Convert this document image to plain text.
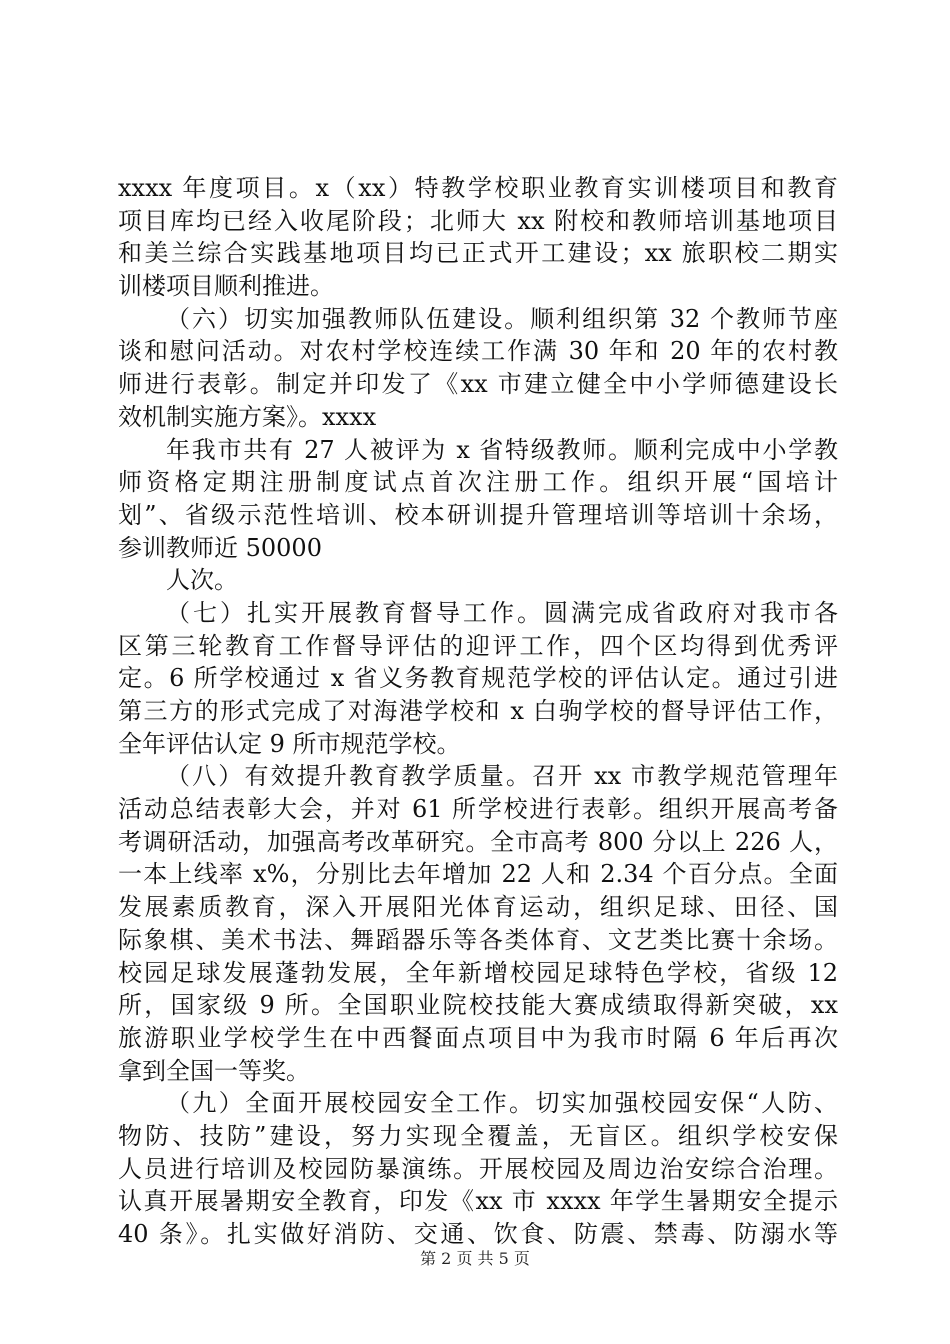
xxxx 年度项目。x（xx）特教学校职业教育实训楼项目和教育
项目库均已经入收尾阶段；北师大 xx 附校和教师培训基地项目
和美兰综合实践基地项目均已正式开工建设；xx 旅职校二期实
训楼项目顺利推进。
（六）切实加强教师队伍建设。顺利组织第 32 个教师节座
谈和慰问活动。对农村学校连续工作满 30 年和 20 年的农村教
师进行表彰。制定并印发了《xx 市建立健全中小学师德建设长
效机制实施方案》。xxxx
年我市共有 27 人被评为 x 省特级教师。顺利完成中小学教
师资格定期注册制度试点首次注册工作。组织开展“国培计
划”、省级示范性培训、校本研训提升管理培训等培训十余场，
参训教师近 50000
人次。
（七）扎实开展教育督导工作。圆满完成省政府对我市各
区第三轮教育工作督导评估的迎评工作，四个区均得到优秀评
定。6 所学校通过 x 省义务教育规范学校的评估认定。通过引进
第三方的形式完成了对海港学校和 x 白驹学校的督导评估工作，
全年评估认定 9 所市规范学校。
（八）有效提升教育教学质量。召开 xx 市教学规范管理年
活动总结表彰大会，并对 61 所学校进行表彰。组织开展高考备
考调研活动，加强高考改革研究。全市高考 800 分以上 226 人，
一本上线率 x%，分别比去年增加 22 人和 2.34 个百分点。全面
发展素质教育，深入开展阳光体育运动，组织足球、田径、国
际象棋、美术书法、舞蹈器乐等各类体育、文艺类比赛十余场。
校园足球发展蓬勃发展，全年新增校园足球特色学校，省级 12
所，国家级 9 所。全国职业院校技能大赛成绩取得新突破，xx
旅游职业学校学生在中西餐面点项目中为我市时隔 6 年后再次
拿到全国一等奖。
（九）全面开展校园安全工作。切实加强校园安保“人防、
物防、技防”建设，努力实现全覆盖，无盲区。组织学校安保
人员进行培训及校园防暴演练。开展校园及周边治安综合治理。
认真开展暑期安全教育，印发《xx 市 xxxx 年学生暑期安全提示
40 条》。扎实做好消防、交通、饮食、防震、禁毒、防溺水等
第 2 页 共 5 页
